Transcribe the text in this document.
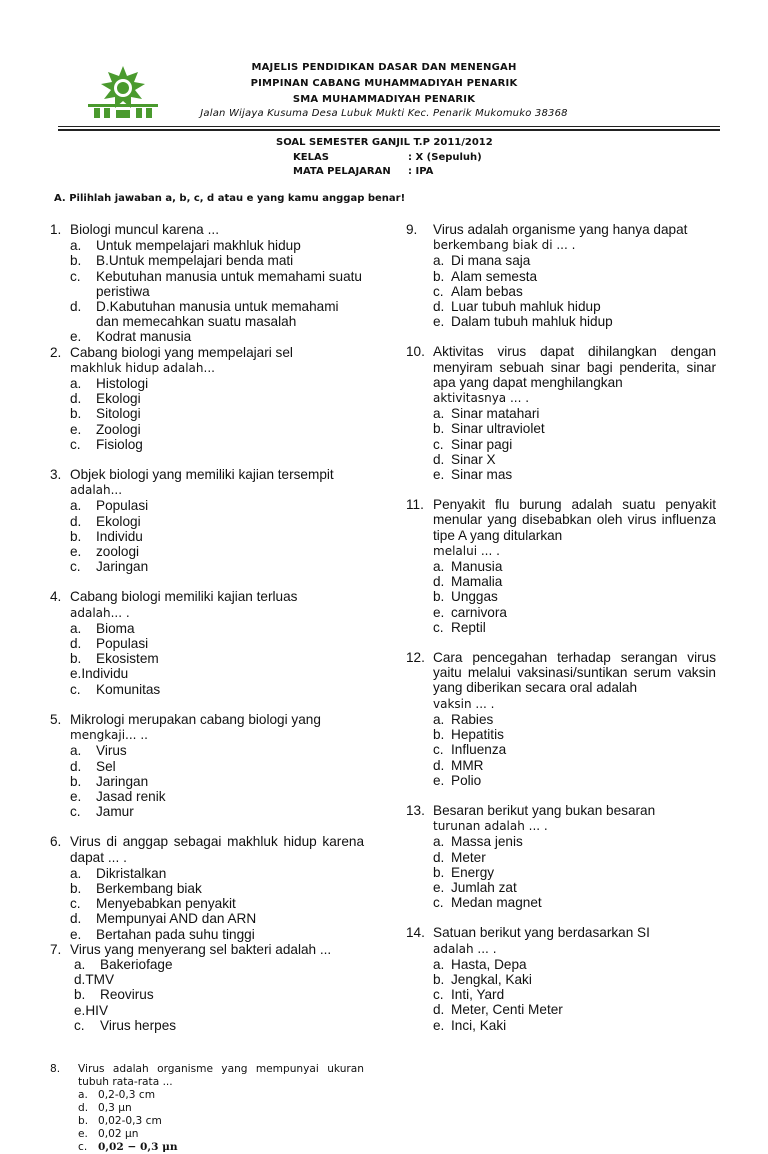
MAJELIS PENDIDIKAN DASAR DAN MENENGAH
PIMPINAN CABANG MUHAMMADIYAH PENARIK
SMA MUHAMMADIYAH PENARIK
Jalan Wijaya Kusuma Desa Lubuk Mukti Kec. Penarik Mukomuko 38368
SOAL SEMESTER GANJIL T.P 2011/2012
KELAS	: X (Sepuluh)
MATA PELAJARAN : IPA
A. Pilihlah jawaban a, b, c, d atau e yang kamu anggap benar!
1. Biologi muncul karena ...
a. Untuk mempelajari makhluk hidup
b. B.Untuk mempelajari benda mati
c. Kebutuhan manusia untuk memahami suatu peristiwa
d. D.Kabutuhan manusia untuk memahami dan memecahkan suatu masalah
e. Kodrat manusia
2. Cabang biologi yang mempelajari sel
makhluk hidup adalah...
a. Histologi
d. Ekologi
b. Sitologi
e. Zoologi
c. Fisiolog
3. Objek biologi yang memiliki kajian tersempit
adalah...
a. Populasi
d. Ekologi
b. Individu
e. zoologi
c. Jaringan
4. Cabang biologi memiliki kajian terluas
adalah... .
a. Bioma
d. Populasi
b. Ekosistem
e.Individu
c. Komunitas
5. Mikrologi merupakan cabang biologi yang
mengkaji... ..
a. Virus
d. Sel
b. Jaringan
e. Jasad renik
c. Jamur
6. Virus di anggap sebagai makhluk hidup karena dapat ... .
a. Dikristalkan
b. Berkembang biak
c. Menyebabkan penyakit
d. Mempunyai AND dan ARN
e. Bertahan pada suhu tinggi
7. Virus yang menyerang sel bakteri adalah ...
a. Bakeriofage
d.TMV
b. Reovirus
e.HIV
c. Virus herpes
8. Virus adalah organisme yang mempunyai ukuran tubuh rata-rata ...
a. 0,2-0,3 cm
d. 0,3 μn
b. 0,02-0,3 cm
e. 0,02 μn
c. 0,02 − 0,3 μn
9. Virus adalah organisme yang hanya dapat
berkembang biak di ... .
a. Di mana saja
b. Alam semesta
c. Alam bebas
d. Luar tubuh mahluk hidup
e. Dalam tubuh mahluk hidup
10. Aktivitas virus dapat dihilangkan dengan menyiram sebuah sinar bagi penderita, sinar apa yang dapat menghilangkan
aktivitasnya ... .
a. Sinar matahari
b. Sinar ultraviolet
c. Sinar pagi
d. Sinar X
e. Sinar mas
11. Penyakit flu burung adalah suatu penyakit menular yang disebabkan oleh virus influenza tipe A yang ditularkan
melalui ... .
a. Manusia
d. Mamalia
b. Unggas
e. carnivora
c. Reptil
12. Cara pencegahan terhadap serangan virus yaitu melalui vaksinasi/suntikan serum vaksin yang diberikan secara oral adalah
vaksin ... .
a. Rabies
b. Hepatitis
c. Influenza
d. MMR
e. Polio
13. Besaran berikut yang bukan besaran
turunan adalah ... .
a. Massa jenis
d. Meter
b. Energy
e. Jumlah zat
c. Medan magnet
14. Satuan berikut yang berdasarkan SI
adalah ... .
a. Hasta, Depa
b. Jengkal, Kaki
c. Inti, Yard
d. Meter, Centi Meter
e. Inci, Kaki
